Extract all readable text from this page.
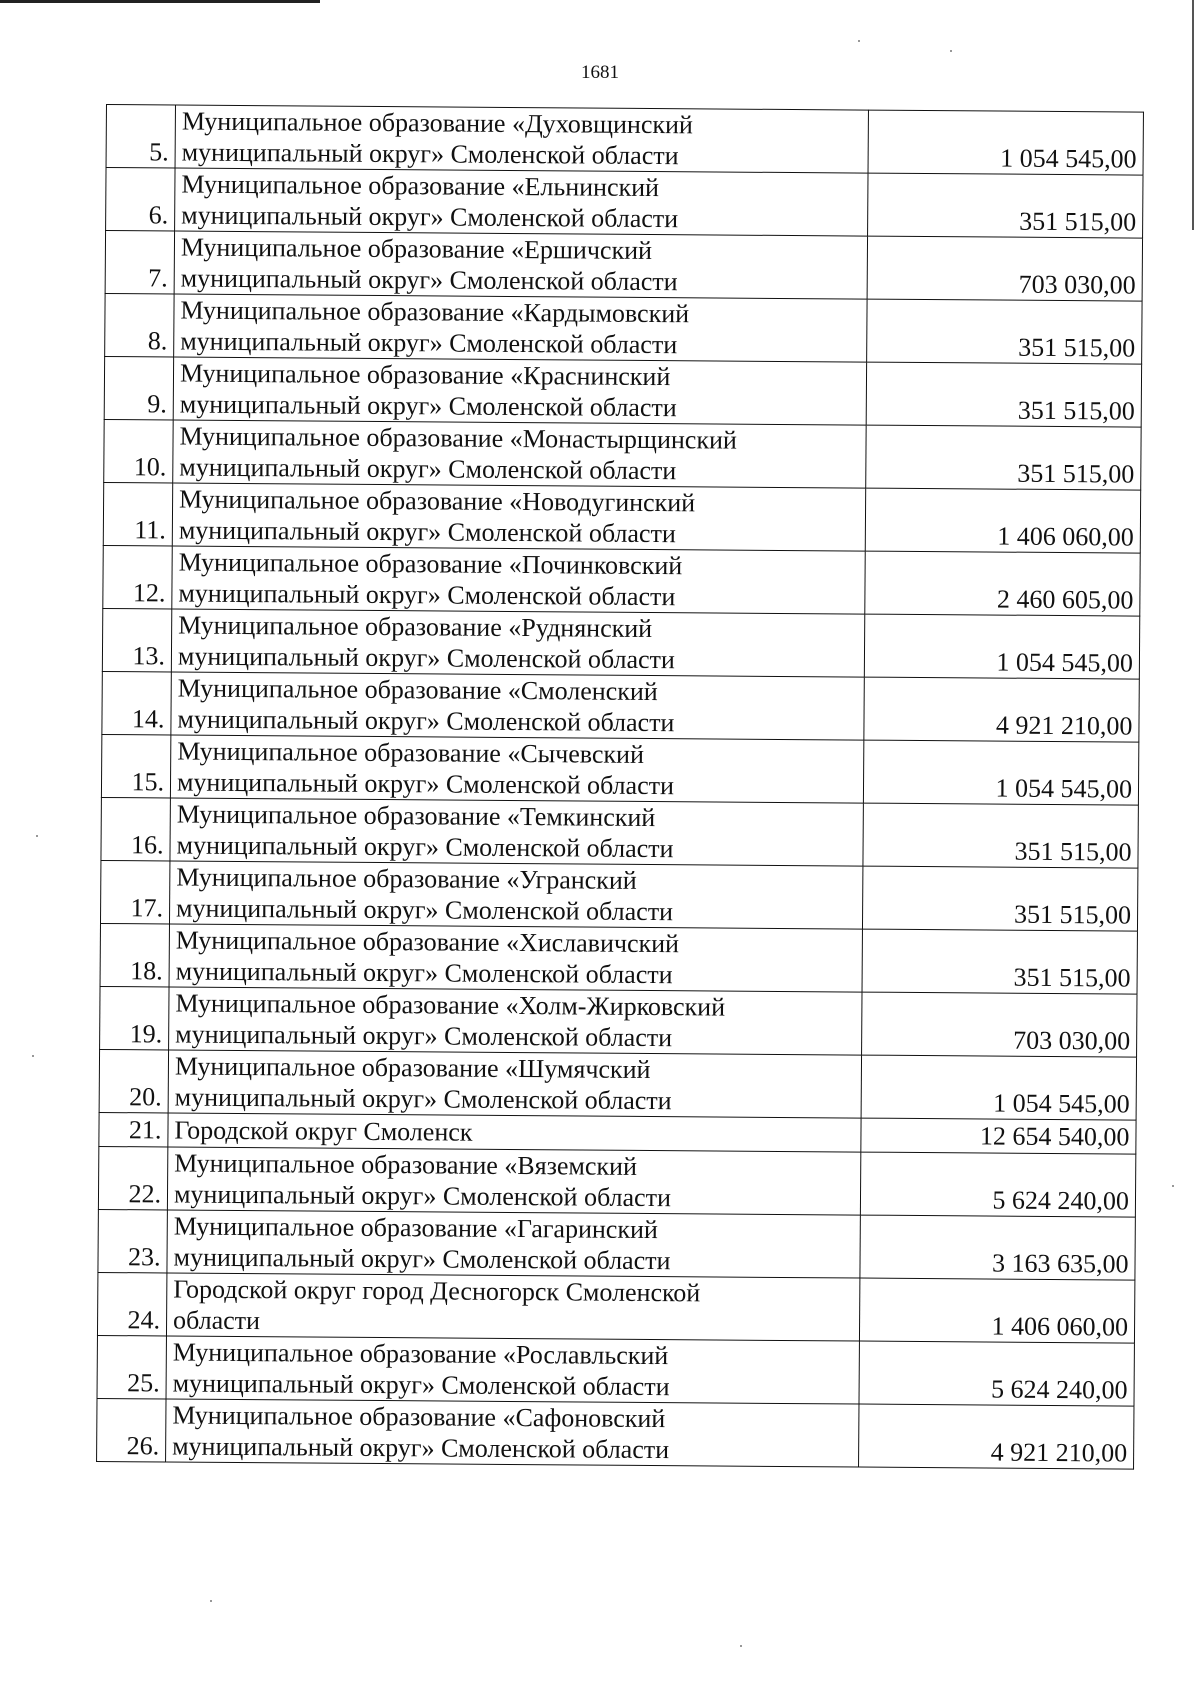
1681
5.	Муниципальное образование «Духовщинский
муниципальный округ» Смоленской области	1 054 545,00
6.	Муниципальное образование «Ельнинский
муниципальный округ» Смоленской области	351 515,00
7.	Муниципальное образование «Ершичский
муниципальный округ» Смоленской области	703 030,00
8.	Муниципальное образование «Кардымовский
муниципальный округ» Смоленской области	351 515,00
9.	Муниципальное образование «Краснинский
муниципальный округ» Смоленской области	351 515,00
10.	Муниципальное образование «Монастырщинский
муниципальный округ» Смоленской области	351 515,00
11.	Муниципальное образование «Новодугинский
муниципальный округ» Смоленской области	1 406 060,00
12.	Муниципальное образование «Починковский
муниципальный округ» Смоленской области	2 460 605,00
13.	Муниципальное образование «Руднянский
муниципальный округ» Смоленской области	1 054 545,00
14.	Муниципальное образование «Смоленский
муниципальный округ» Смоленской области	4 921 210,00
15.	Муниципальное образование «Сычевский
муниципальный округ» Смоленской области	1 054 545,00
16.	Муниципальное образование «Темкинский
муниципальный округ» Смоленской области	351 515,00
17.	Муниципальное образование «Угранский
муниципальный округ» Смоленской области	351 515,00
18.	Муниципальное образование «Хиславичский
муниципальный округ» Смоленской области	351 515,00
19.	Муниципальное образование «Холм-Жирковский
муниципальный округ» Смоленской области	703 030,00
20.	Муниципальное образование «Шумячский
муниципальный округ» Смоленской области	1 054 545,00
21.	Городской округ Смоленск	12 654 540,00
22.	Муниципальное образование «Вяземский
муниципальный округ» Смоленской области	5 624 240,00
23.	Муниципальное образование «Гагаринский
муниципальный округ» Смоленской области	3 163 635,00
24.	Городской округ город Десногорск Смоленской
области	1 406 060,00
25.	Муниципальное образование «Рославльский
муниципальный округ» Смоленской области	5 624 240,00
26.	Муниципальное образование «Сафоновский
муниципальный округ» Смоленской области	4 921 210,00
